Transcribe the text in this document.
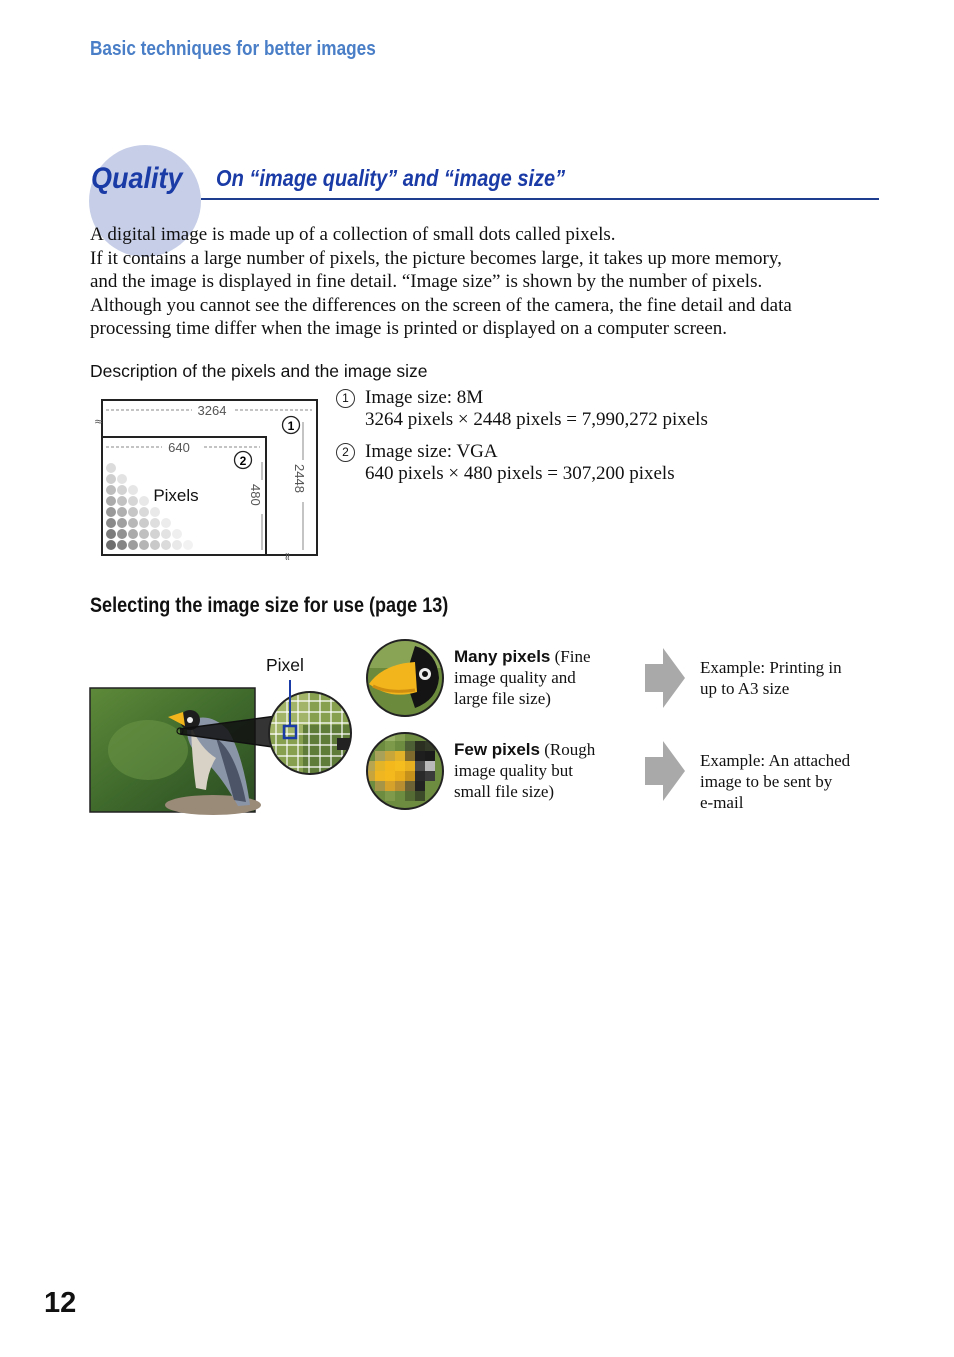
Basic techniques for better images
Quality On “image quality” and “image size”

A digital image is made up of a collection of small dots called pixels.

If it contains a large number of pixels, the picture becomes large, it takes up more memory,

and the image is displayed in fine detail. “Image size” is shown by the number of pixels.

Although you cannot see the differences on the screen of the camera, the fine detail and data

processing time differ when the image is printed or displayed on a computer screen.

Description of the pixels and the image size
≈
≈
3264
640
Pixels
2448
480
1
2
1 Image size: 8M
3264 pixels × 2448 pixels = 7,990,272 pixels
2 Image size: VGA
640 pixels × 480 pixels = 307,200 pixels
Selecting the image size for use (page 13)
Pixel	Many pixels (Fine
image quality and
large file size)
Few pixels (Rough
image quality but
small file size)
Example: Printing in
up to A3 size
Example: An attached
image to be sent by
e-mail
12
